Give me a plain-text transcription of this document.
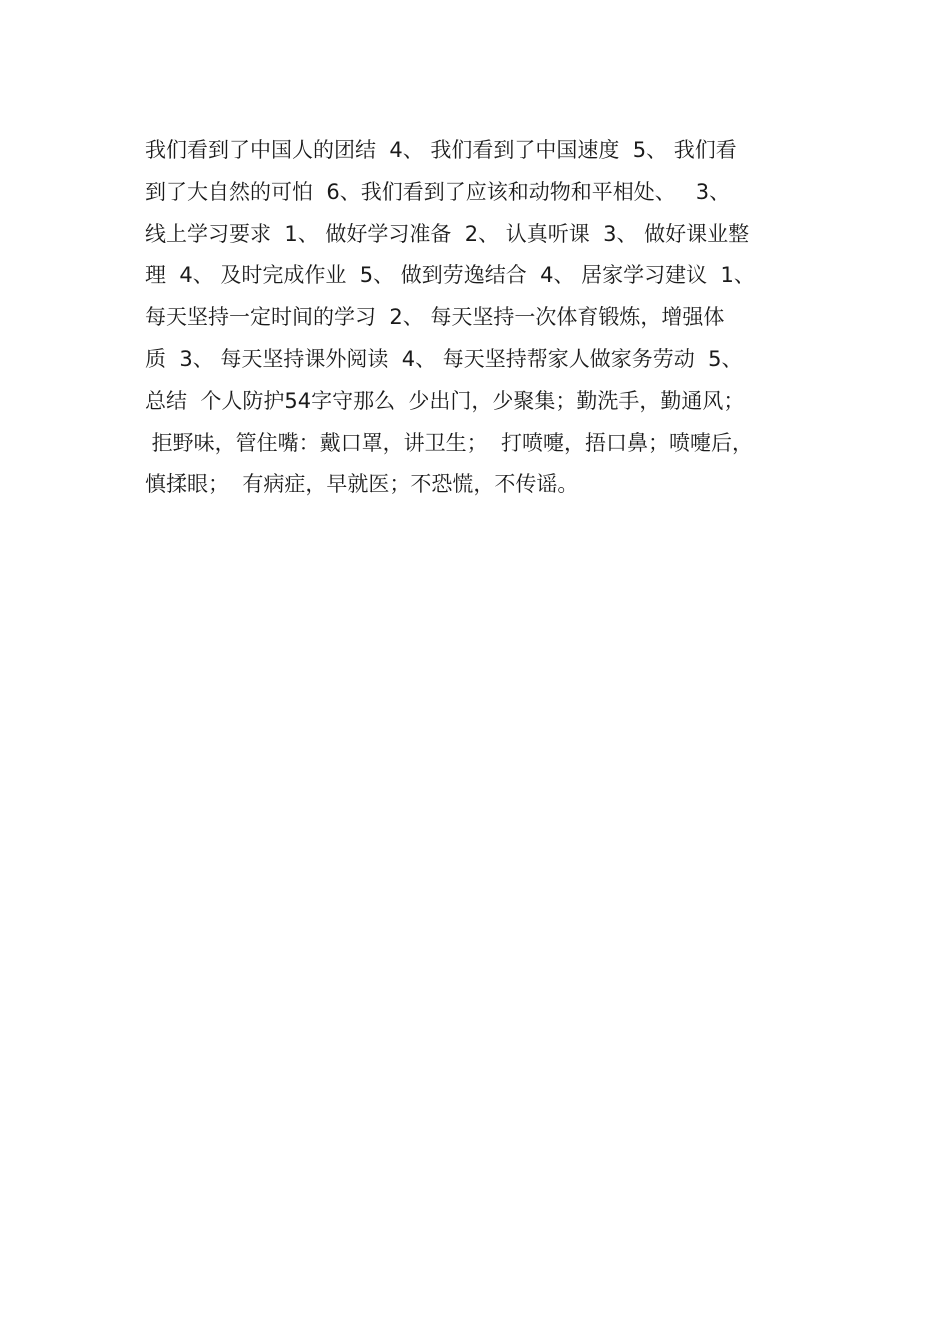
我们看到了中国人的团结  4、 我们看到了中国速度  5、 我们看
到了大自然的可怕  6、我们看到了应该和动物和平相处、   3、
线上学习要求  1、 做好学习准备  2、 认真听课  3、 做好课业整
理  4、 及时完成作业  5、 做到劳逸结合  4、 居家学习建议  1、
每天坚持一定时间的学习  2、 每天坚持一次体育锻炼，增强体
质  3、 每天坚持课外阅读  4、 每天坚持帮家人做家务劳动  5、
总结  个人防护54字守那么  少出门，少聚集；勤洗手，勤通风；
拒野味，管住嘴：戴口罩，讲卫生；  打喷嚏，捂口鼻；喷嚏后，
慎揉眼；  有病症，早就医；不恐慌，不传谣。
